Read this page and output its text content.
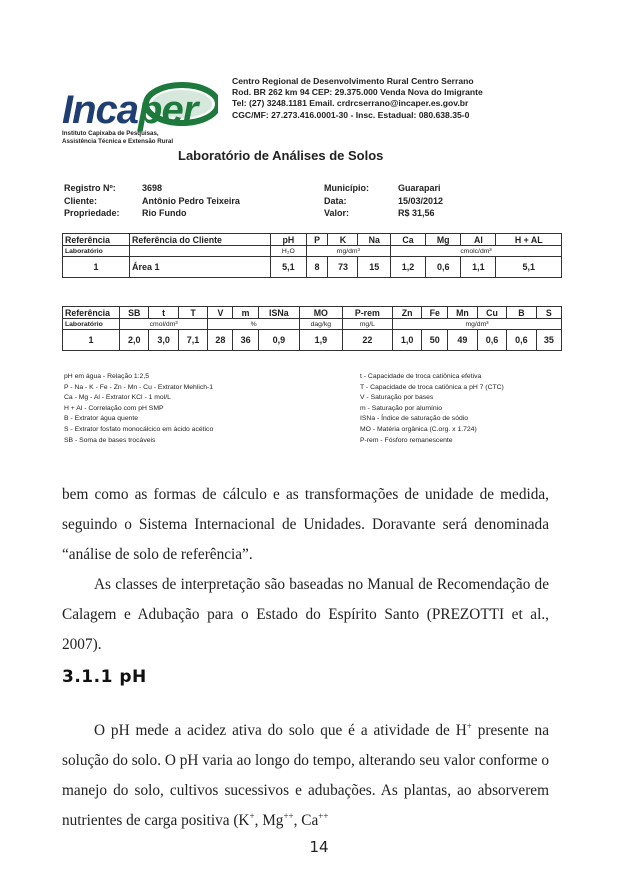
Incaper
Instituto Capixaba de Pesquisas,
Assistência Técnica e Extensão Rural
Centro Regional de Desenvolvimento Rural Centro Serrano
Rod. BR 262 km 94 CEP: 29.375.000 Venda Nova do Imigrante
Tel: (27) 3248.1181 Email. crdrcserrano@incaper.es.gov.br
CGC/MF: 27.273.416.0001-30 - Insc. Estadual: 080.638.35-0
Laboratório de Análises de Solos
Registro Nº:	3698
Cliente:	Antônio Pedro Teixeira
Propriedade:	Rio Fundo
Município:	Guarapari
Data:	15/03/2012
Valor:	R$ 31,56
Referência	Referência do Cliente	pH	P	K	Na	Ca	Mg	Al	H + AL
Laboratório		H₂O	mg/dm³			cmolc/dm³			
1	Área 1	5,1	8	73	15	1,2	0,6	1,1	5,1
Referência	SB	t	T	V	m	ISNa	MO	P-rem	Zn	Fe	Mn	Cu	B	S
Laboratório	cmol/dm³			%			dag/kg	mg/L	mg/dm³					
1	2,0	3,0	7,1	28	36	0,9	1,9	22	1,0	50	49	0,6	0,6	35
pH em água - Relação 1:2,5
P - Na - K - Fe - Zn - Mn - Cu - Extrator Mehlich-1
Ca - Mg - Al - Extrator KCl - 1 mol/L
H + Al - Correlação com pH SMP
B - Extrator água quente
S - Extrator fosfato monocálcico em ácido acético
SB - Soma de bases trocáveis
t - Capacidade de troca catiônica efetiva
T - Capacidade de troca catiônica a pH 7 (CTC)
V - Saturação por bases
m - Saturação por alumínio
ISNa - Índice de saturação de sódio
MO - Matéria orgânica (C.org. x 1.724)
P-rem - Fósforo remanescente

bem como as formas de cálculo e as transformações de unidade de medida, seguindo o Sistema Internacional de Unidades. Doravante será denominada “análise de solo de referência”.

As classes de interpretação são baseadas no Manual de Recomendação de Calagem e Adubação para o Estado do Espírito Santo (PREZOTTI et al., 2007).

3.1.1 pH

O pH mede a acidez ativa do solo que é a atividade de H+ presente na solução do solo. O pH varia ao longo do tempo, alterando seu valor conforme o manejo do solo, cultivos sucessivos e adubações. As plantas, ao absorverem nutrientes de carga positiva (K+, Mg++, Ca++

14
